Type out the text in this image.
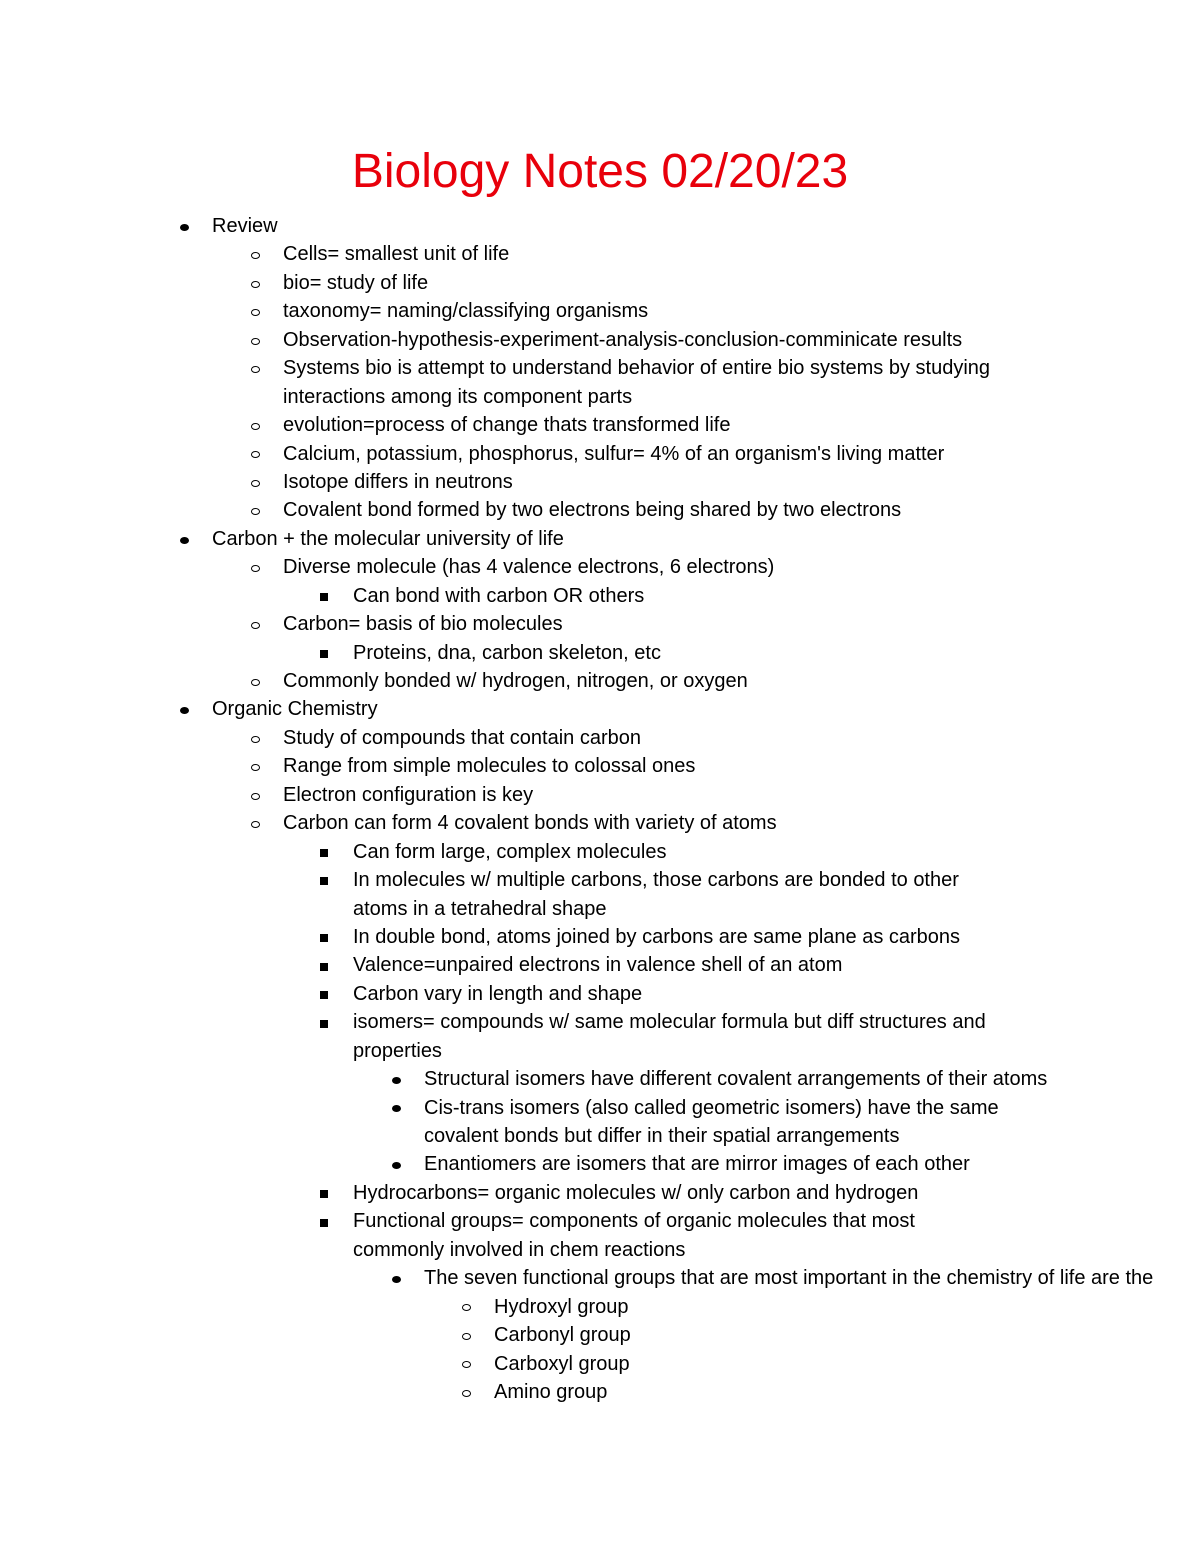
Biology Notes 02/20/23
Review
Cells= smallest unit of life
bio= study of life
taxonomy= naming/classifying organisms
Observation-hypothesis-experiment-analysis-conclusion-comminicate results
Systems bio is attempt to understand behavior of entire bio systems by studying
interactions among its component parts
evolution=process of change thats transformed life
Calcium, potassium, phosphorus, sulfur= 4% of an organism's living matter
Isotope differs in neutrons
Covalent bond formed by two electrons being shared by two electrons
Carbon + the molecular university of life
Diverse molecule (has 4 valence electrons, 6 electrons)
Can bond with carbon OR others
Carbon= basis of bio molecules
Proteins, dna, carbon skeleton, etc
Commonly bonded w/ hydrogen, nitrogen, or oxygen
Organic Chemistry
Study of compounds that contain carbon
Range from simple molecules to colossal ones
Electron configuration is key
Carbon can form 4 covalent bonds with variety of atoms
Can form large, complex molecules
In molecules w/ multiple carbons, those carbons are bonded to other
atoms in a tetrahedral shape
In double bond, atoms joined by carbons are same plane as carbons
Valence=unpaired electrons in valence shell of an atom
Carbon vary in length and shape
isomers= compounds w/ same molecular formula but diff structures and
properties
Structural isomers have different covalent arrangements of their atoms
Cis-trans isomers (also called geometric isomers) have the same
covalent bonds but differ in their spatial arrangements
Enantiomers are isomers that are mirror images of each other
Hydrocarbons= organic molecules w/ only carbon and hydrogen
Functional groups= components of organic molecules that most
commonly involved in chem reactions
The seven functional groups that are most important in the chemistry of life are the
Hydroxyl group
Carbonyl group
Carboxyl group
Amino group
